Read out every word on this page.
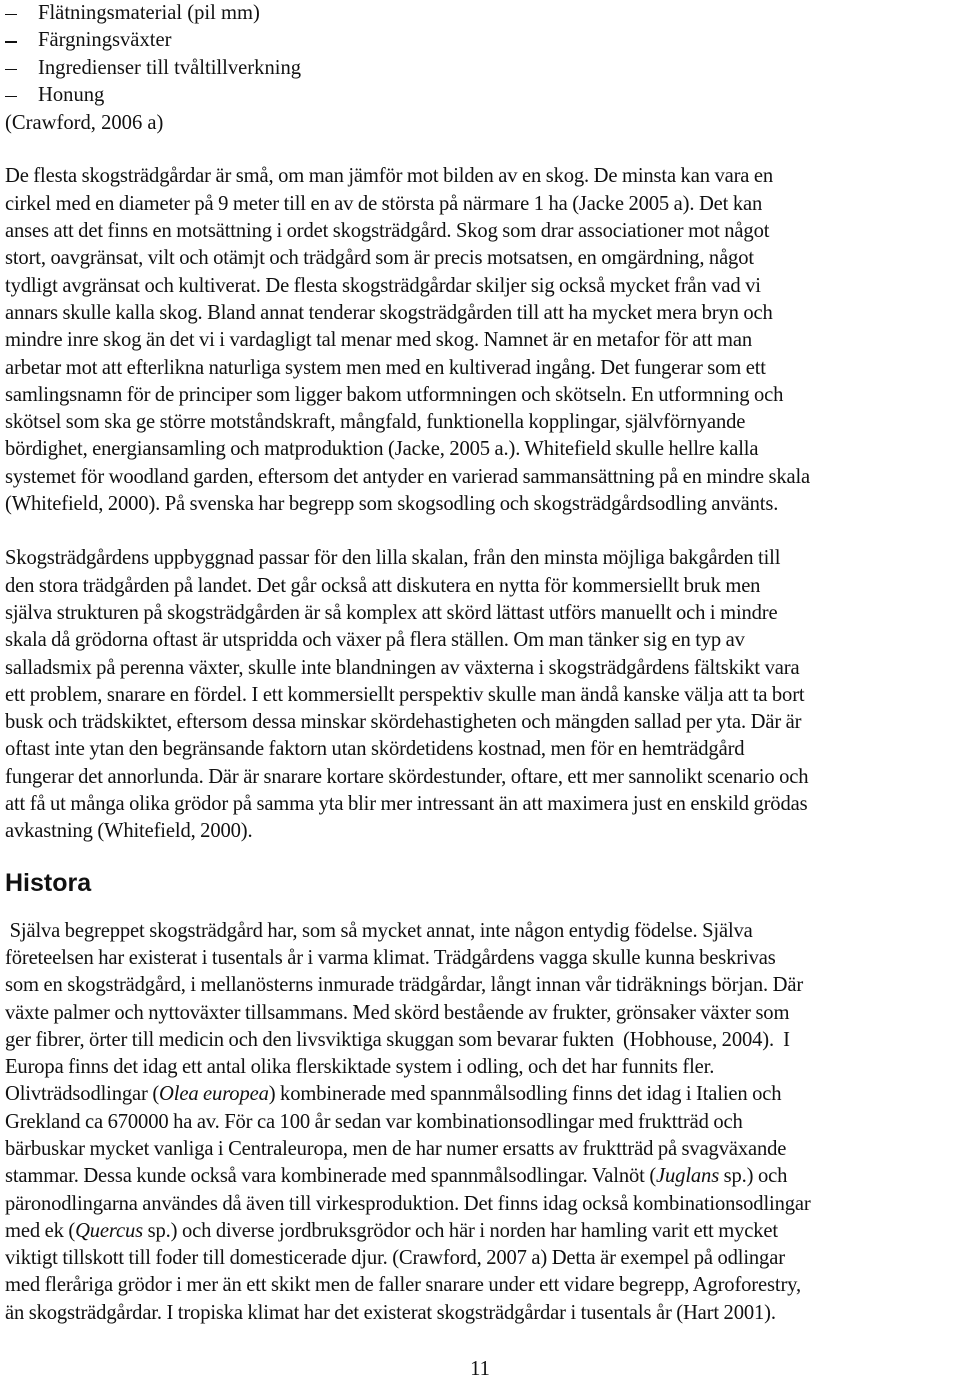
Flätningsmaterial (pil mm)
Färgningsväxter
Ingredienser till tvåltillverkning
Honung
(Crawford, 2006 a)

De flesta skogsträdgårdar är små, om man jämför mot bilden av en skog. De minsta kan vara en
cirkel med en diameter på 9 meter till en av de största på närmare 1 ha (Jacke 2005 a). Det kan
anses att det finns en motsättning i ordet skogsträdgård. Skog som drar associationer mot något
stort, oavgränsat, vilt och otämjt och trädgård som är precis motsatsen, en omgärdning, något
tydligt avgränsat och kultiverat. De flesta skogsträdgårdar skiljer sig också mycket från vad vi
annars skulle kalla skog. Bland annat tenderar skogsträdgården till att ha mycket mera bryn och
mindre inre skog än det vi i vardagligt tal menar med skog. Namnet är en metafor för att man
arbetar mot att efterlikna naturliga system men med en kultiverad ingång. Det fungerar som ett
samlingsnamn för de principer som ligger bakom utformningen och skötseln. En utformning och
skötsel som ska ge större motståndskraft, mångfald, funktionella kopplingar, självförnyande
bördighet, energiansamling och matproduktion (Jacke, 2005 a.). Whitefield skulle hellre kalla
systemet för woodland garden, eftersom det antyder en varierad sammansättning på en mindre skala
(Whitefield, 2000). På svenska har begrepp som skogsodling och skogsträdgårdsodling använts.

Skogsträdgårdens uppbyggnad passar för den lilla skalan, från den minsta möjliga bakgården till
den stora trädgården på landet. Det går också att diskutera en nytta för kommersiellt bruk men
själva strukturen på skogsträdgården är så komplex att skörd lättast utförs manuellt och i mindre
skala då grödorna oftast är utspridda och växer på flera ställen. Om man tänker sig en typ av
salladsmix på perenna växter, skulle inte blandningen av växterna i skogsträdgårdens fältskikt vara
ett problem, snarare en fördel. I ett kommersiellt perspektiv skulle man ändå kanske välja att ta bort
busk och trädskiktet, eftersom dessa minskar skördehastigheten och mängden sallad per yta. Där är
oftast inte ytan den begränsande faktorn utan skördetidens kostnad, men för en hemträdgård
fungerar det annorlunda. Där är snarare kortare skördestunder, oftare, ett mer sannolikt scenario och
att få ut många olika grödor på samma yta blir mer intressant än att maximera just en enskild grödas
avkastning (Whitefield, 2000).

Historа

Själva begreppet skogsträdgård har, som så mycket annat, inte någon entydig födelse. Själva
företeelsen har existerat i tusentals år i varma klimat. Trädgårdens vagga skulle kunna beskrivas
som en skogsträdgård, i mellanösterns inmurade trädgårdar, långt innan vår tidräknings början. Där
växte palmer och nyttoväxter tillsammans. Med skörd bestående av frukter, grönsaker växter som
ger fibrer, örter till medicin och den livsviktiga skuggan som bevarar fukten  (Hobhouse, 2004).  I
Europa finns det idag ett antal olika flerskiktade system i odling, och det har funnits fler.
Olivträdsodlingar (Olea europea) kombinerade med spannmålsodling finns det idag i Italien och
Grekland ca 670000 ha av. För ca 100 år sedan var kombinationsodlingar med fruktträd och
bärbuskar mycket vanliga i Centraleuropa, men de har numer ersatts av fruktträd på svagväxande
stammar. Dessa kunde också vara kombinerade med spannmålsodlingar. Valnöt (Juglans sp.) och
päronodlingarna användes då även till virkesproduktion. Det finns idag också kombinationsodlingar
med ek (Quercus sp.) och diverse jordbruksgrödor och här i norden har hamling varit ett mycket
viktigt tillskott till foder till domesticerade djur. (Crawford, 2007 a) Detta är exempel på odlingar
med fleråriga grödor i mer än ett skikt men de faller snarare under ett vidare begrepp, Agroforestry,
än skogsträdgårdar. I tropiska klimat har det existerat skogsträdgårdar i tusentals år (Hart 2001).

11
